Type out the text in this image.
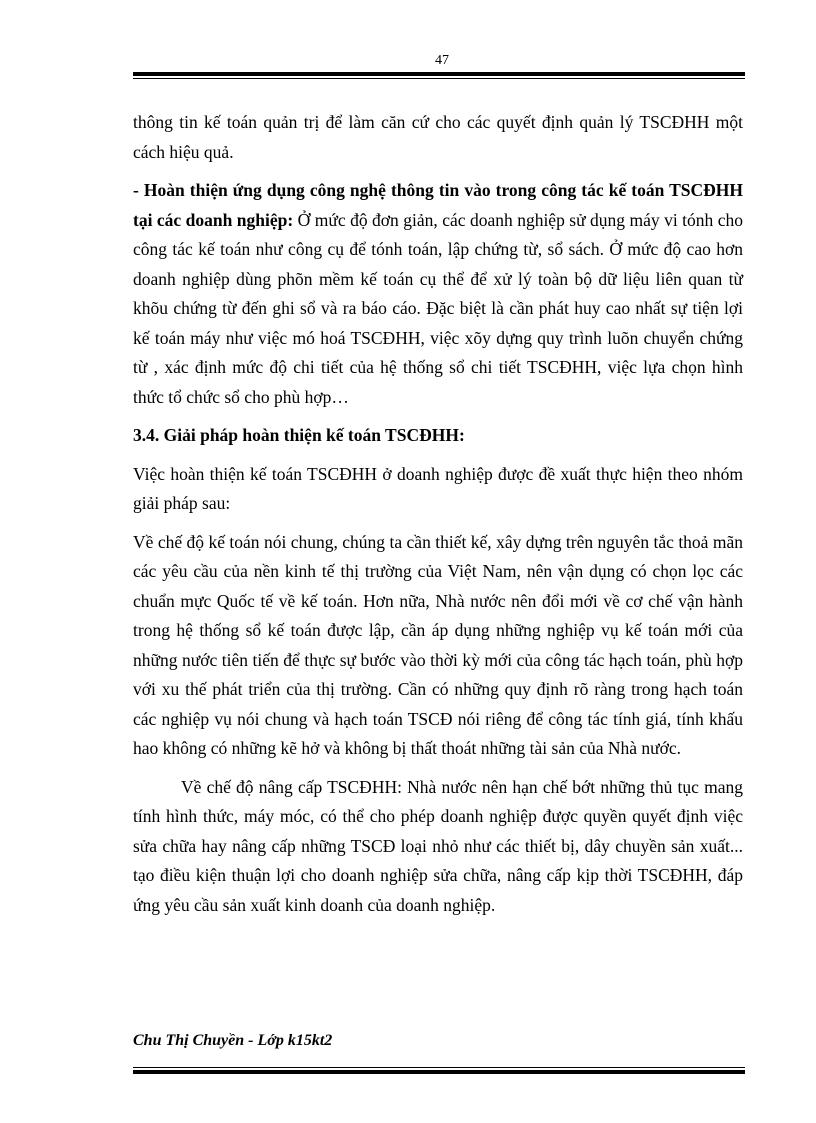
47

thông tin kế toán quản trị để làm căn cứ cho các quyết định quản lý TSCĐHH một cách hiệu quả.

- Hoàn thiện ứng dụng công nghệ thông tin vào trong công tác kế toán TSCĐHH tại các doanh nghiệp: Ở mức độ đơn giản, các doanh nghiệp sử dụng máy vi tónh cho công tác kế toán như công cụ để tónh toán, lập chứng từ, sổ sách. Ở mức độ cao hơn doanh nghiệp dùng phõn mềm kế toán cụ thể để xử lý toàn bộ dữ liệu liên quan từ khõu chứng từ đến ghi sổ và ra báo cáo. Đặc biệt là cần phát huy cao nhất sự tiện lợi kế toán máy như việc mó hoá TSCĐHH, việc xõy dựng quy trình luõn chuyển chứng từ , xác định mức độ chi tiết của hệ thống sổ chi tiết TSCĐHH, việc lựa chọn hình thức tổ chức sổ cho phù hợp…

3.4. Giải pháp hoàn thiện kế toán TSCĐHH:

Việc hoàn thiện kế toán TSCĐHH ở doanh nghiệp được đề xuất thực hiện theo nhóm giải pháp sau:

Về chế độ kế toán nói chung, chúng ta cần thiết kế, xây dựng trên nguyên tắc thoả mãn các yêu cầu của nền kinh tế thị trường của Việt Nam, nên vận dụng có chọn lọc các chuẩn mực Quốc tế về kế toán. Hơn nữa, Nhà nước nên đổi mới về cơ chế vận hành trong hệ thống sổ kế toán được lập, cần áp dụng những nghiệp vụ kế toán mới của những nước tiên tiến để thực sự bước vào thời kỳ mới của công tác hạch toán, phù hợp với xu thế phát triển của thị trường. Cần có những quy định rõ ràng trong hạch toán các nghiệp vụ nói chung và hạch toán TSCĐ nói riêng để công tác tính giá, tính khấu hao không có những kẽ hở và không bị thất thoát những tài sản của Nhà nước.

Về chế độ nâng cấp TSCĐHH: Nhà nước nên hạn chế bớt những thủ tục mang tính hình thức, máy móc, có thể cho phép doanh nghiệp được quyền quyết định việc sửa chữa hay nâng cấp những TSCĐ loại nhỏ như các thiết bị, dây chuyền sản xuất... tạo điều kiện thuận lợi cho doanh nghiệp sửa chữa, nâng cấp kịp thời TSCĐHH, đáp ứng yêu cầu sản xuất kinh doanh của doanh nghiệp.

Chu Thị Chuyền - Lớp k15kt2
